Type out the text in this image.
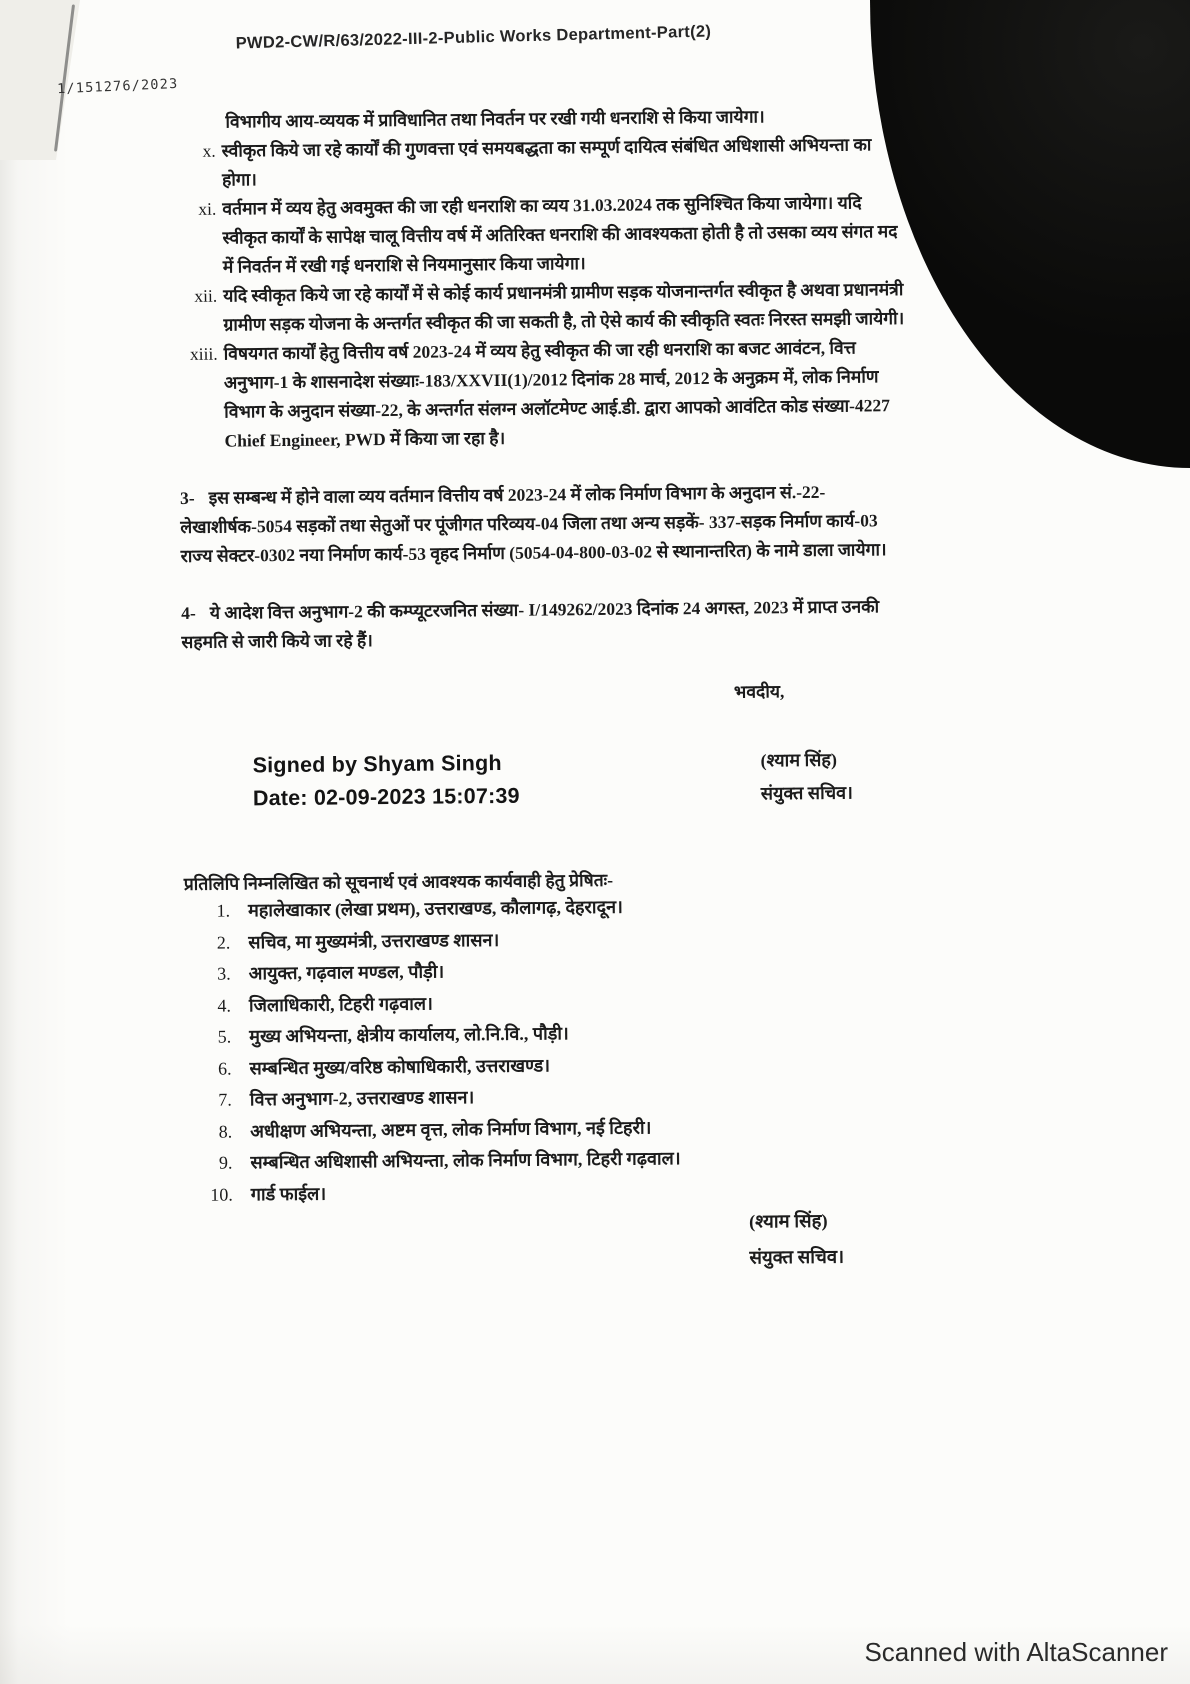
PWD2-CW/R/63/2022-III-2-Public Works Department-Part(2)
1/151276/2023

विभागीय आय-व्ययक में प्राविधानित तथा निवर्तन पर रखी गयी धनराशि से किया जायेगा।

x. स्वीकृत किये जा रहे कार्यों की गुणवत्ता एवं समयबद्धता का सम्पूर्ण दायित्व संबंधित अधिशासी अभियन्ता का होगा।
xi. वर्तमान में व्यय हेतु अवमुक्त की जा रही धनराशि का व्यय 31.03.2024 तक सुनिश्चित किया जायेगा। यदि स्वीकृत कार्यों के सापेक्ष चालू वित्तीय वर्ष में अतिरिक्त धनराशि की आवश्यकता होती है तो उसका व्यय संगत मद में निवर्तन में रखी गई धनराशि से नियमानुसार किया जायेगा।
xii. यदि स्वीकृत किये जा रहे कार्यों में से कोई कार्य प्रधानमंत्री ग्रामीण सड़क योजनान्तर्गत स्वीकृत है अथवा प्रधानमंत्री ग्रामीण सड़क योजना के अन्तर्गत स्वीकृत की जा सकती है, तो ऐसे कार्य की स्वीकृति स्वतः निरस्त समझी जायेगी।
xiii. विषयगत कार्यों हेतु वित्तीय वर्ष 2023-24 में व्यय हेतु स्वीकृत की जा रही धनराशि का बजट आवंटन, वित्त अनुभाग-1 के शासनादेश संख्याः-183/XXVII(1)/2012 दिनांक 28 मार्च, 2012 के अनुक्रम में, लोक निर्माण विभाग के अनुदान संख्या-22, के अन्तर्गत संलग्न अलॉटमेण्ट आई.डी. द्वारा आपको आवंटित कोड संख्या-4227 Chief Engineer, PWD में किया जा रहा है।

3- इस सम्बन्ध में होने वाला व्यय वर्तमान वित्तीय वर्ष 2023-24 में लोक निर्माण विभाग के अनुदान सं.-22-लेखाशीर्षक-5054 सड़कों तथा सेतुओं पर पूंजीगत परिव्यय-04 जिला तथा अन्य सड़कें- 337-सड़क निर्माण कार्य-03 राज्य सेक्टर-0302 नया निर्माण कार्य-53 वृहद निर्माण (5054-04-800-03-02 से स्थानान्तरित) के नामे डाला जायेगा।

4- ये आदेश वित्त अनुभाग-2 की कम्प्यूटरजनित संख्या- I/149262/2023 दिनांक 24 अगस्त, 2023 में प्राप्त उनकी सहमति से जारी किये जा रहे हैं।

भवदीय,

Signed by Shyam Singh
Date: 02-09-2023 15:07:39
(श्याम सिंह)
संयुक्त सचिव।

प्रतिलिपि निम्नलिखित को सूचनार्थ एवं आवश्यक कार्यवाही हेतु प्रेषितः-

1. महालेखाकार (लेखा प्रथम), उत्तराखण्ड, कौलागढ़, देहरादून।
2. सचिव, मा मुख्यमंत्री, उत्तराखण्ड शासन।
3. आयुक्त, गढ़वाल मण्डल, पौड़ी।
4. जिलाधिकारी, टिहरी गढ़वाल।
5. मुख्य अभियन्ता, क्षेत्रीय कार्यालय, लो.नि.वि., पौड़ी।
6. सम्बन्धित मुख्य/वरिष्ठ कोषाधिकारी, उत्तराखण्ड।
7. वित्त अनुभाग-2, उत्तराखण्ड शासन।
8. अधीक्षण अभियन्ता, अष्टम वृत्त, लोक निर्माण विभाग, नई टिहरी।
9. सम्बन्धित अधिशासी अभियन्ता, लोक निर्माण विभाग, टिहरी गढ़वाल।
10. गार्ड फाईल।
(श्याम सिंह)
संयुक्त सचिव।
Scanned with AltaScanner
